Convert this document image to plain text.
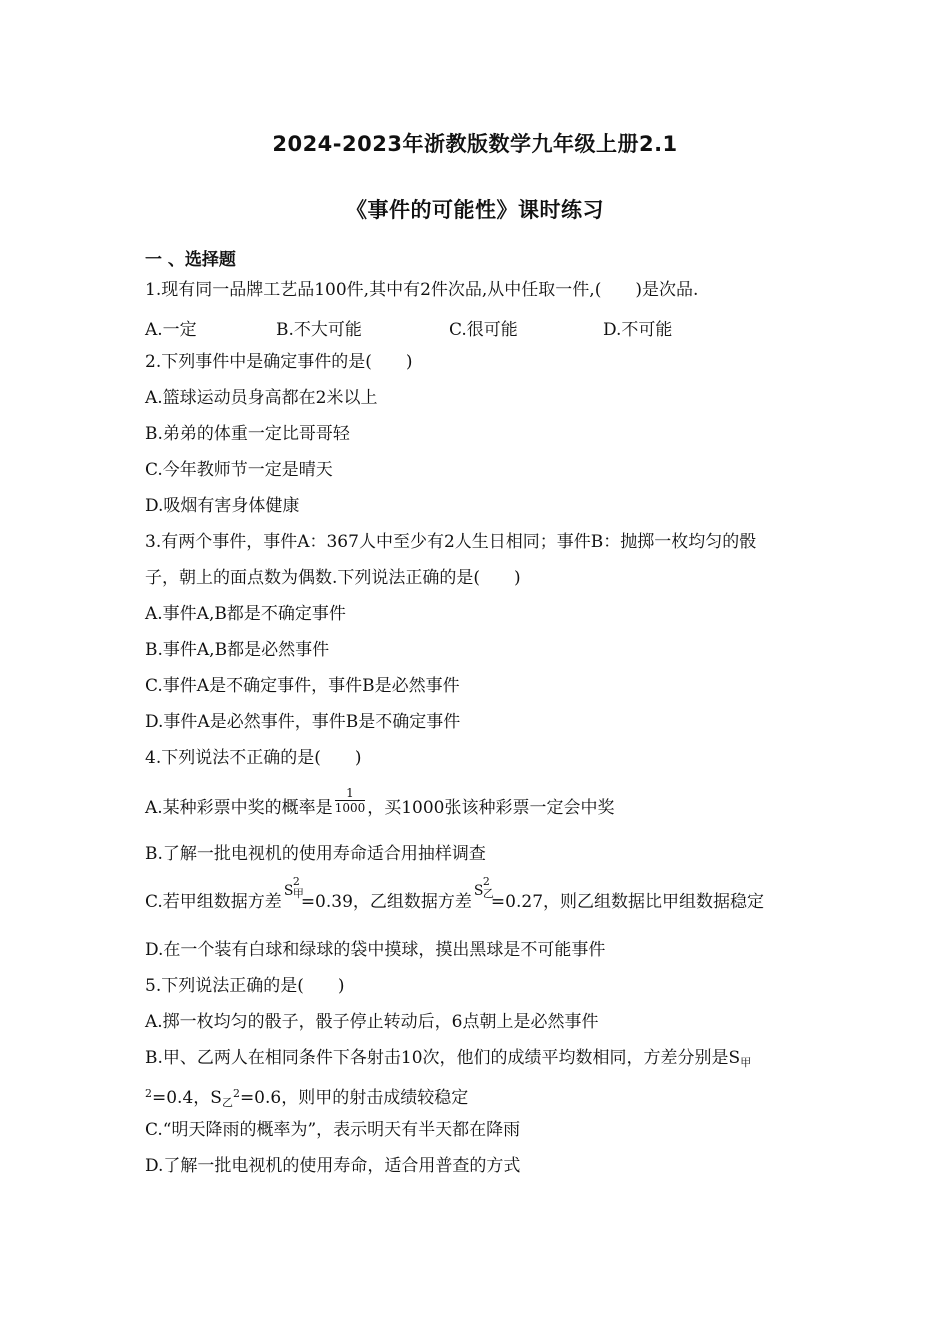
2024-2023年浙教版数学九年级上册2.1
《事件的可能性》课时练习
一 、选择题
1.现有同一品牌工艺品100件,其中有2件次品,从中任取一件,(　　)是次品.
A.一定	B.不大可能	C.很可能	D.不可能
2.下列事件中是确定事件的是(　　)
A.篮球运动员身高都在2米以上
B.弟弟的体重一定比哥哥轻
C.今年教师节一定是晴天
D.吸烟有害身体健康
3.有两个事件，事件A：367人中至少有2人生日相同；事件B：抛掷一枚均匀的骰
子，朝上的面点数为偶数.下列说法正确的是(　　)
A.事件A,B都是不确定事件
B.事件A,B都是必然事件
C.事件A是不确定事件，事件B是必然事件
D.事件A是必然事件，事件B是不确定事件
4.下列说法不正确的是(　　)
A.某种彩票中奖的概率是 $\frac{1}{1000}$ ，买1000张该种彩票一定会中奖
B.了解一批电视机的使用寿命适合用抽样调查
C.若甲组数据方差S
2
甲
=0.39，乙组数据方差S
2
乙
=0.27，则乙组数据比甲组数据稳定
D.在一个装有白球和绿球的袋中摸球，摸出黑球是不可能事件
5.下列说法正确的是(　　)
A.掷一枚均匀的骰子，骰子停止转动后，6点朝上是必然事件
B.甲、乙两人在相同条件下各射击10次，他们的成绩平均数相同，方差分别是S甲
$^2$=0.4，S乙$^2$=0.6，则甲的射击成绩较稳定
C.“明天降雨的概率为”，表示明天有半天都在降雨
D.了解一批电视机的使用寿命，适合用普查的方式
